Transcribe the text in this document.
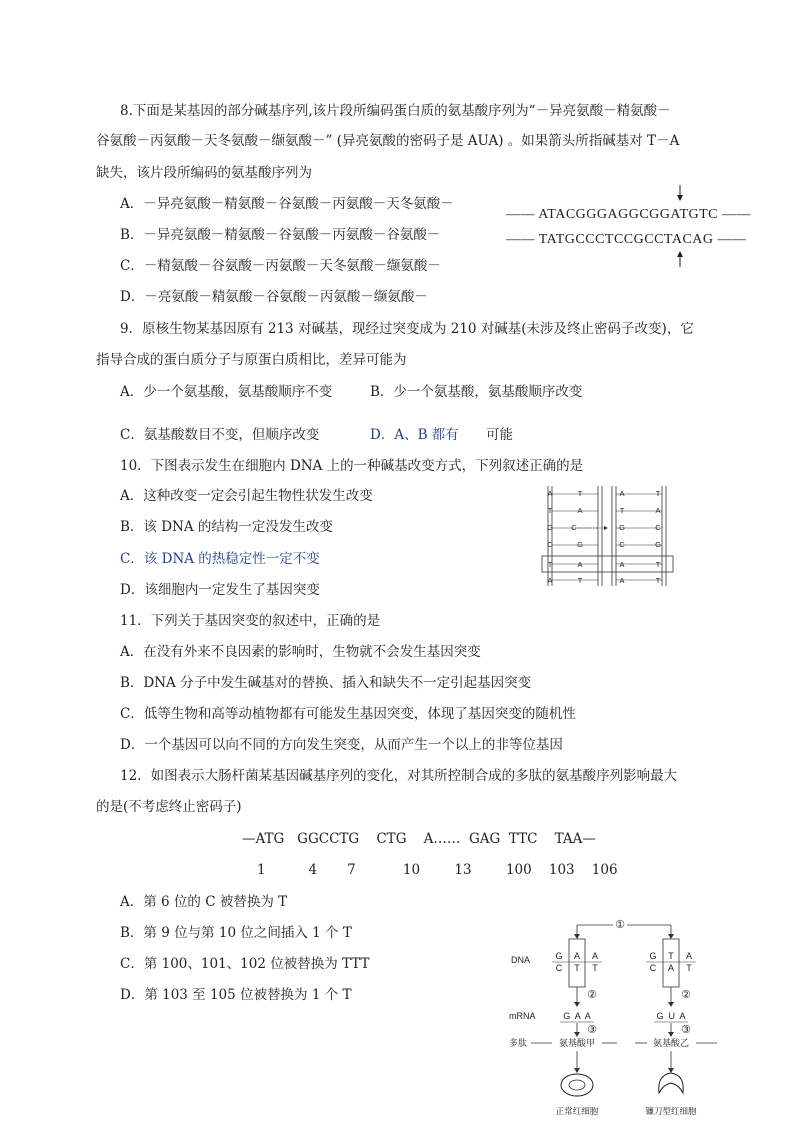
8.下面是某基因的部分碱基序列,该片段所编码蛋白质的氨基酸序列为“－异亮氨酸－精氨酸－
谷氨酸－丙氨酸－天冬氨酸－缬氨酸－” (异亮氨酸的密码子是 AUA) 。如果箭头所指碱基对 T－A
缺失，该片段所编码的氨基酸序列为
A．－异亮氨酸－精氨酸－谷氨酸－丙氨酸－天冬氨酸－
B．－异亮氨酸－精氨酸－谷氨酸－丙氨酸－谷氨酸－
C．－精氨酸－谷氨酸－丙氨酸－天冬氨酸－缬氨酸－
D．－亮氨酸－精氨酸－谷氨酸－丙氨酸－缬氨酸－
—— ATACGGGAGGCGGATGTC ——
—— TATGCCCTCCGCCTACAG ——
9．原核生物某基因原有 213 对碱基，现经过突变成为 210 对碱基(未涉及终止密码子改变)，它
指导合成的蛋白质分子与原蛋白质相比，差异可能为
A．少一个氨基酸，氨基酸顺序不变	B．少一个氨基酸，氨基酸顺序改变
C．氨基酸数目不变，但顺序改变	D．A、B 都有 可能
10．下图表示发生在细胞内 DNA 上的一种碱基改变方式，下列叙述正确的是
A．这种改变一定会引起生物性状发生改变
B．该 DNA 的结构一定没发生改变
C．该 DNA 的热稳定性一定不变
D．该细胞内一定发生了基因突变
A	T
T	A
G C
C	G
T	A
A	T
A	T
T	A
G	C
C	G
A	T
A	T
11．下列关于基因突变的叙述中，正确的是
A．在没有外来不良因素的影响时，生物就不会发生基因突变
B．DNA 分子中发生碱基对的替换、插入和缺失不一定引起基因突变
C．低等生物和高等动植物都有可能发生基因突变，体现了基因突变的随机性
D．一个基因可以向不同的方向发生突变，从而产生一个以上的非等位基因
12．如图表示大肠杆菌某基因碱基序列的变化，对其所控制合成的多肽的氨基酸序列影响最大
的是(不考虑终止密码子)
—ATG   GGCCTG    CTG    A……  GAG  TTC    TAA—
1          4       7           10        13        100    103    106
A．第 6 位的 C 被替换为 T
B．第 9 位与第 10 位之间插入 1 个 T
C．第 100、101、102 位被替换为 TTT
D．第 103 至 105 位被替换为 1 个 T
①
DNA	G A A
C T T
G T A
C A T
②	②
mRNA	G  A  A	G  U  A
③	③
多肽	氨基酸甲	氨基酸乙
正常红细胞	镰刀型红细胞
